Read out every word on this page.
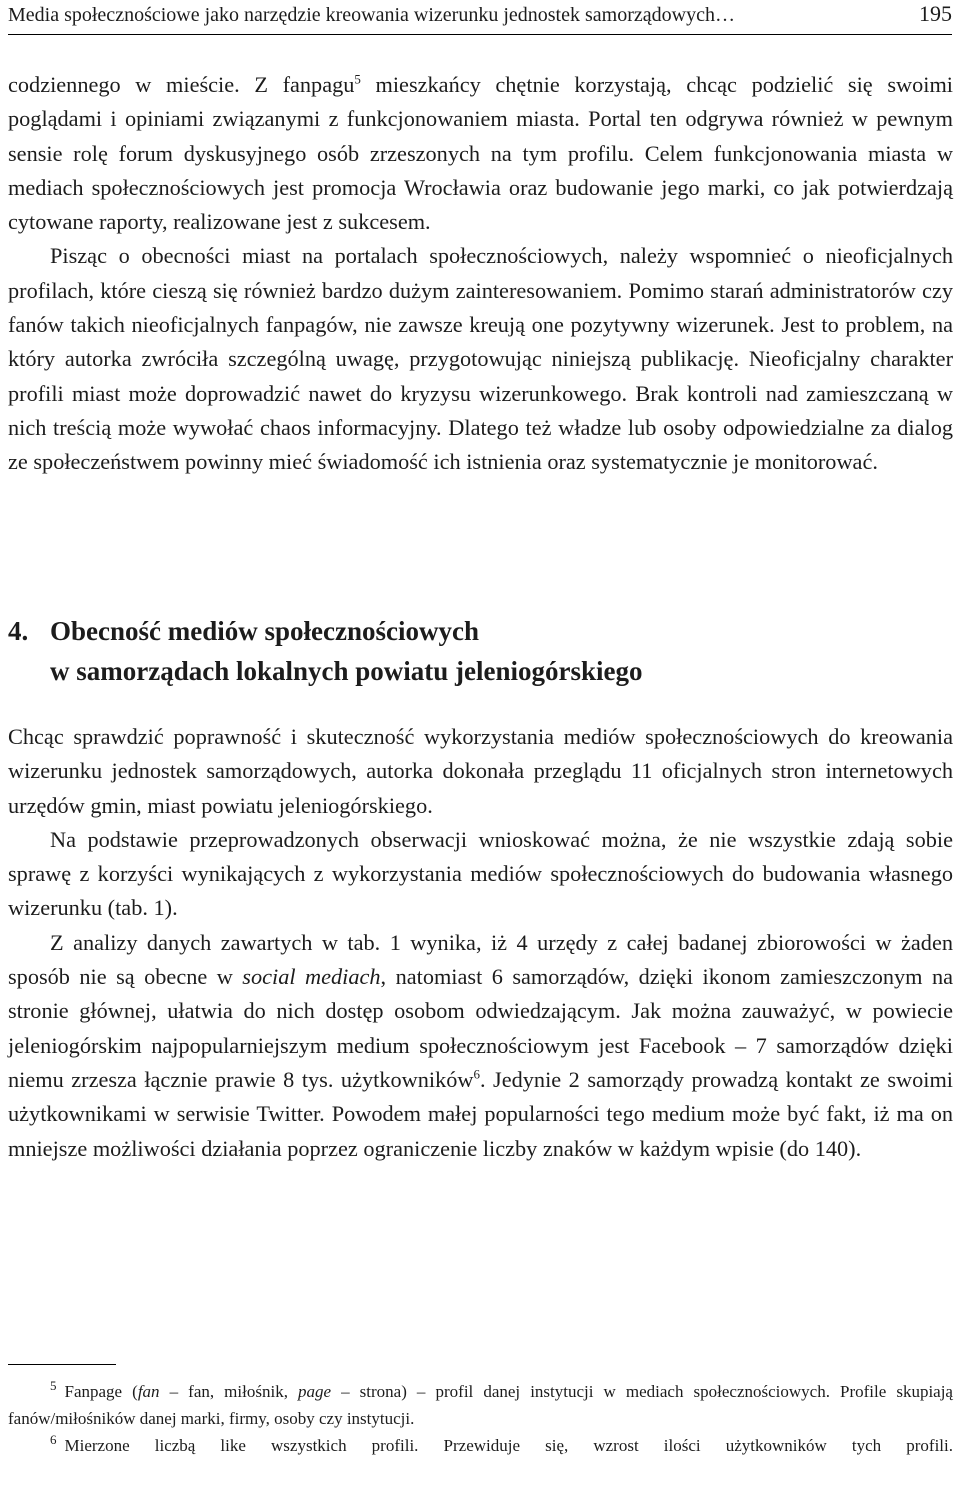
Media społecznościowe jako narzędzie kreowania wizerunku jednostek samorządowych…	195

codziennego w mieście. Z fanpagu$^5$ mieszkańcy chętnie korzystają, chcąc podzielić się swoimi poglądami i opiniami związanymi z funkcjonowaniem miasta. Portal ten odgrywa również w pewnym sensie rolę forum dyskusyjnego osób zrzeszonych na tym profilu. Celem funkcjonowania miasta w mediach społecznościowych jest promocja Wrocławia oraz budowanie jego marki, co jak potwierdzają cytowane raporty, realizowane jest z sukcesem.

Pisząc o obecności miast na portalach społecznościowych, należy wspomnieć o nieoficjalnych profilach, które cieszą się również bardzo dużym zainteresowaniem. Pomimo starań administratorów czy fanów takich nieoficjalnych fanpagów, nie zawsze kreują one pozytywny wizerunek. Jest to problem, na który autorka zwróciła szczególną uwagę, przygotowując niniejszą publikację. Nieoficjalny charakter profili miast może doprowadzić nawet do kryzysu wizerunkowego. Brak kontroli nad zamieszczaną w nich treścią może wywołać chaos informacyjny. Dlatego też władze lub osoby odpowiedzialne za dialog ze społeczeństwem powinny mieć świadomość ich istnienia oraz systematycznie je monitorować.

4. Obecność mediów społecznościowych
w samorządach lokalnych powiatu jeleniogórskiego

Chcąc sprawdzić poprawność i skuteczność wykorzystania mediów społecznościowych do kreowania wizerunku jednostek samorządowych, autorka dokonała przeglądu 11 oficjalnych stron internetowych urzędów gmin, miast powiatu jeleniogórskiego.

Na podstawie przeprowadzonych obserwacji wnioskować można, że nie wszystkie zdają sobie sprawę z korzyści wynikających z wykorzystania mediów społecznościowych do budowania własnego wizerunku (tab. 1).

Z analizy danych zawartych w tab. 1 wynika, iż 4 urzędy z całej badanej zbiorowości w żaden sposób nie są obecne w social mediach, natomiast 6 samorządów, dzięki ikonom zamieszczonym na stronie głównej, ułatwia do nich dostęp osobom odwiedzającym. Jak można zauważyć, w powiecie jeleniogórskim najpopularniejszym medium społecznościowym jest Facebook – 7 samorządów dzięki niemu zrzesza łącznie prawie 8 tys. użytkowników$^6$. Jedynie 2 samorządy prowadzą kontakt ze swoimi użytkownikami w serwisie Twitter. Powodem małej popularności tego medium może być fakt, iż ma on mniejsze możliwości działania poprzez ograniczenie liczby znaków w każdym wpisie (do 140).

5 Fanpage (fan – fan, miłośnik, page – strona) – profil danej instytucji w mediach społecznościowych. Profile skupiają fanów/miłośników danej marki, firmy, osoby czy instytucji.

6 Mierzone liczbą like wszystkich profili. Przewiduje się, wzrost ilości użytkowników tych profili.
